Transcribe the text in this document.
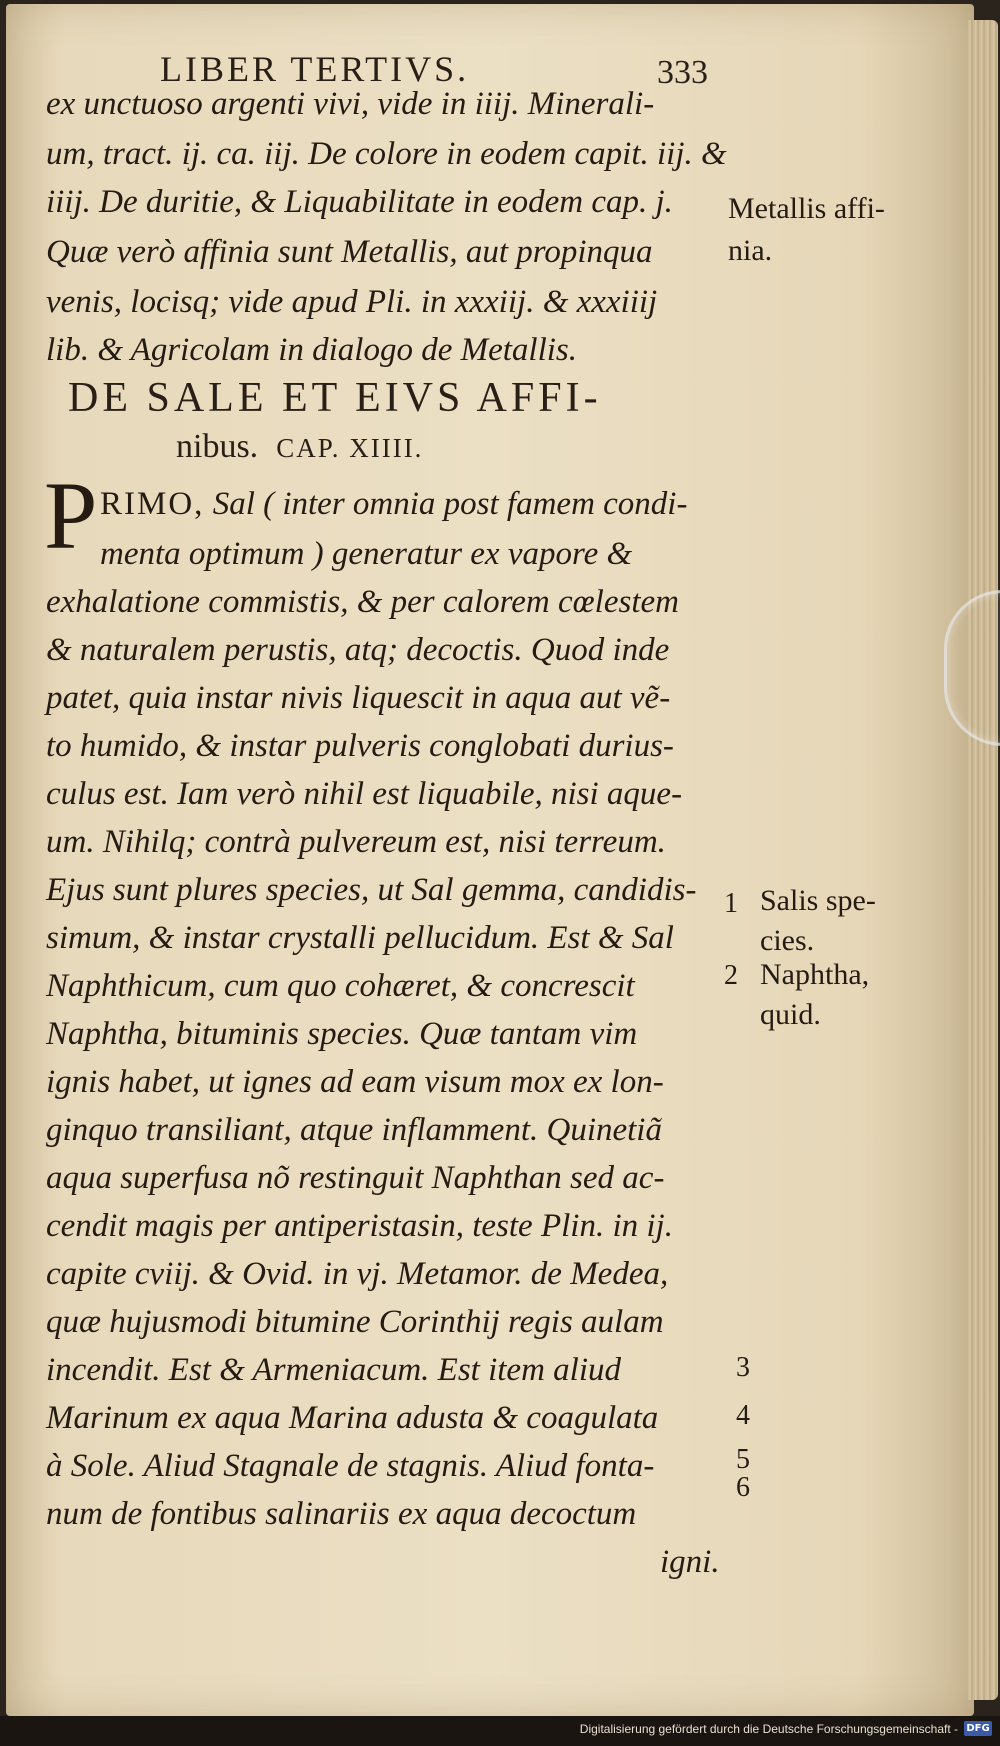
LIBER TERTIVS.	333
ex unctuoso argenti vivi, vide in iiij. Minerali-
um, tract. ij. ca. iij. De colore in eodem capit. iij. &
iiij. De duritie, & Liquabilitate in eodem cap. j.
Quæ verò affinia sunt Metallis, aut propinqua
venis, locisq; vide apud Pli. in xxxiij. & xxxiiij
lib. & Agricolam in dialogo de Metallis.
DE SALE ET EIVS AFFI-
nibus. CAP. XIIII.
P RIMO, Sal ( inter omnia post famem condi-
menta optimum ) generatur ex vapore &
exhalatione commistis, & per calorem cœlestem
& naturalem perustis, atq; decoctis. Quod inde
patet, quia instar nivis liquescit in aqua aut vẽ-
to humido, & instar pulveris conglobati durius-
culus est. Iam verò nihil est liquabile, nisi aque-
um. Nihilq; contrà pulvereum est, nisi terreum.
Ejus sunt plures species, ut Sal gemma, candidis-
simum, & instar crystalli pellucidum. Est & Sal
Naphthicum, cum quo cohæret, & concrescit
Naphtha, bituminis species. Quæ tantam vim
ignis habet, ut ignes ad eam visum mox ex lon-
ginquo transiliant, atque inflamment. Quinetiã
aqua superfusa nõ restinguit Naphthan sed ac-
cendit magis per antiperistasin, teste Plin. in ij.
capite cviij. & Ovid. in vj. Metamor. de Medea,
quæ hujusmodi bitumine Corinthij regis aulam
incendit. Est & Armeniacum. Est item aliud
Marinum ex aqua Marina adusta & coagulata
à Sole. Aliud Stagnale de stagnis. Aliud fonta-
num de fontibus salinariis ex aqua decoctum
igni.
Metallis affi-
nia.
1 Salis spe-
cies.
2 Naphtha,
quid.
3
4
5
6
Digitalisierung gefördert durch die Deutsche Forschungsgemeinschaft - DFG
